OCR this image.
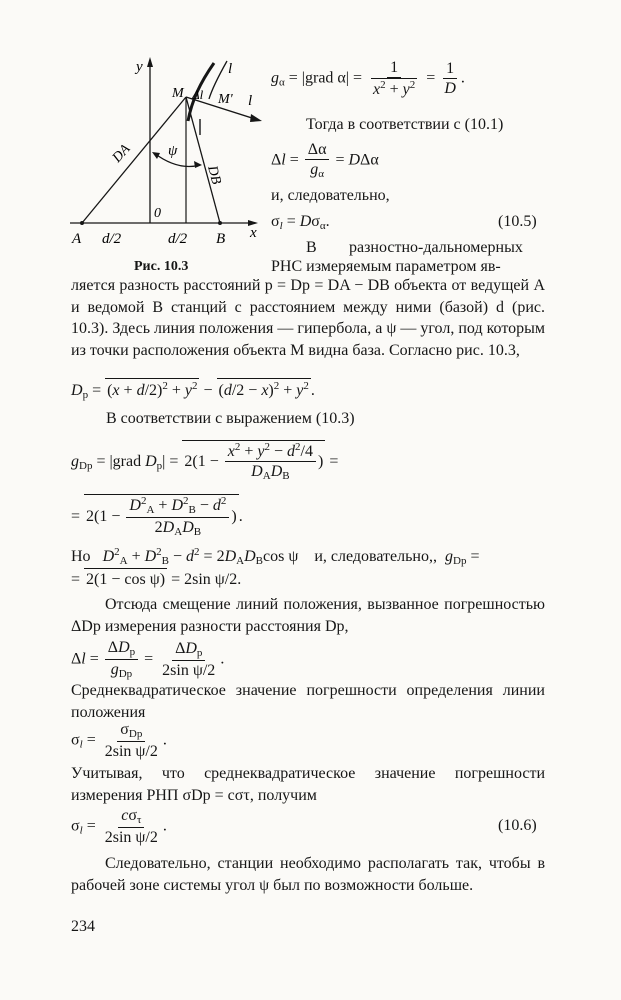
y
M Δl M'
l
l
DA
DB
ψ
0
A d/2	d/2 B x
Рис. 10.3
$g_\alpha$ = |grad $\alpha| = \frac{1}{x^2 + y^2} = \frac{1}{D}$ .
Тогда в соответствии с (10.1)
$\Delta l = \frac{\Delta\alpha}{g_\alpha} = D\Delta\alpha$
и, следовательно,
$\sigma_l = D\sigma_\alpha$.	(10.5)
В разностно-дальномерных
РНС измеряемым параметром яв-
ляется разность расстояний p = Dр = DA − DB объекта от ведущей A и ведомой B станций с расстоянием между ними (базой) d (рис. 10.3). Здесь линия положения — гипербола, а ψ — угол, под которым из точки расположения объекта M видна база. Согласно рис. 10.3,
$D_р = (x + d/2)^2 + y^2 - (d/2 - x)^2 + y^2$ .
В соответствии с выражением (10.3)
$g_{Dр}$ = |grad $D_р| = 2(1 - \frac{x^2 + y^2 - d^2/4}{D_AD_B}$ ) =
= $2(1 - \frac{D^2_A + D^2_B - d^2}{2D_AD_B}$ ).
Но $D^2_A + D^2_B - d^2 = 2D_AD_B\cos$ ψ    и, следовательно,,  $g_{Dр}$ =
= 2(1 − cos ψ) = 2sin ψ/2.
Отсюда смещение линий положения, вызванное погрешностью ΔDр измерения разности расстояния Dр,
$\Delta l = \frac{\Delta D_р}{g_{Dр}} = \frac{\Delta D_р}{\text{2sin ψ/2}}$ .
Среднеквадратическое значение погрешности определения линии положения
$\sigma_l = \frac{\sigma_{Dр}}{\text{2sin ψ/2}}$ .
Учитывая, что среднеквадратическое значение погрешности измерения РНП σDр = cστ, получим
$\sigma_l = \frac{c\sigma_\tau}{\text{2sin ψ/2}}$ .	(10.6)
Следовательно, станции необходимо располагать так, чтобы в рабочей зоне системы угол ψ был по возможности больше.
234
